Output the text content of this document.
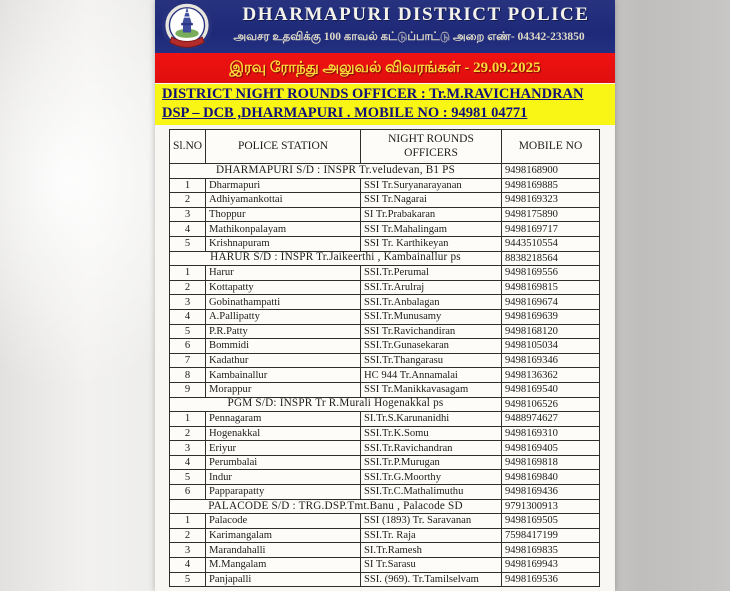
DHARMAPURI DISTRICT POLICE
அவசர உதவிக்கு 100 காவல் கட்டுப்பாட்டு அறை எண்- 04342-233850
இரவு ரோந்து அலுவல் விவரங்கள் - 29.09.2025
DISTRICT NIGHT ROUNDS OFFICER : Tr.M.RAVICHANDRAN
DSP – DCB ,DHARMAPURI . MOBILE NO : 94981 04771
Sl.NO	POLICE STATION	NIGHT ROUNDS OFFICERS	MOBILE NO
DHARMAPURI S/D : INSPR Tr.veludevan, B1 PS			9498168900
1	Dharmapuri	SSI Tr.Suryanarayanan	9498169885
2	Adhiyamankottai	SSI Tr.Nagarai	9498169323
3	Thoppur	SI Tr.Prabakaran	9498175890
4	Mathikonpalayam	SSI Tr.Mahalingam	9498169717
5	Krishnapuram	SSI Tr. Karthikeyan	9443510554
HARUR S/D : INSPR Tr.Jaikeerthi , Kambainallur ps			8838218564
1	Harur	SSI.Tr.Perumal	9498169556
2	Kottapatty	SSI.Tr.Arulraj	9498169815
3	Gobinathampatti	SSI.Tr.Anbalagan	9498169674
4	A.Pallipatty	SSI.Tr.Munusamy	9498169639
5	P.R.Patty	SSI Tr.Ravichandiran	9498168120
6	Bommidi	SSI.Tr.Gunasekaran	9498105034
7	Kadathur	SSI.Tr.Thangarasu	9498169346
8	Kambainallur	HC 944 Tr.Annamalai	9498136362
9	Morappur	SSI Tr.Manikkavasagam	9498169540
PGM S/D: INSPR Tr R.Murali Hogenakkal ps			9498106526
1	Pennagaram	SI.Tr.S.Karunanidhi	9488974627
2	Hogenakkal	SSI.Tr.K.Somu	9498169310
3	Eriyur	SSI.Tr.Ravichandran	9498169405
4	Perumbalai	SSI.Tr.P.Murugan	9498169818
5	Indur	SSI.Tr.G.Moorthy	9498169840
6	Papparapatty	SSI.Tr.C.Mathalimuthu	9498169436
PALACODE S/D : TRG.DSP.Tmt.Banu , Palacode SD			9791300913
1	Palacode	SSI (1893) Tr. Saravanan	9498169505
2	Karimangalam	SSI.Tr. Raja	7598417199
3	Marandahalli	SI.Tr.Ramesh	9498169835
4	M.Mangalam	SI Tr.Sarasu	9498169943
5	Panjapalli	SSI. (969). Tr.Tamilselvam	9498169536
